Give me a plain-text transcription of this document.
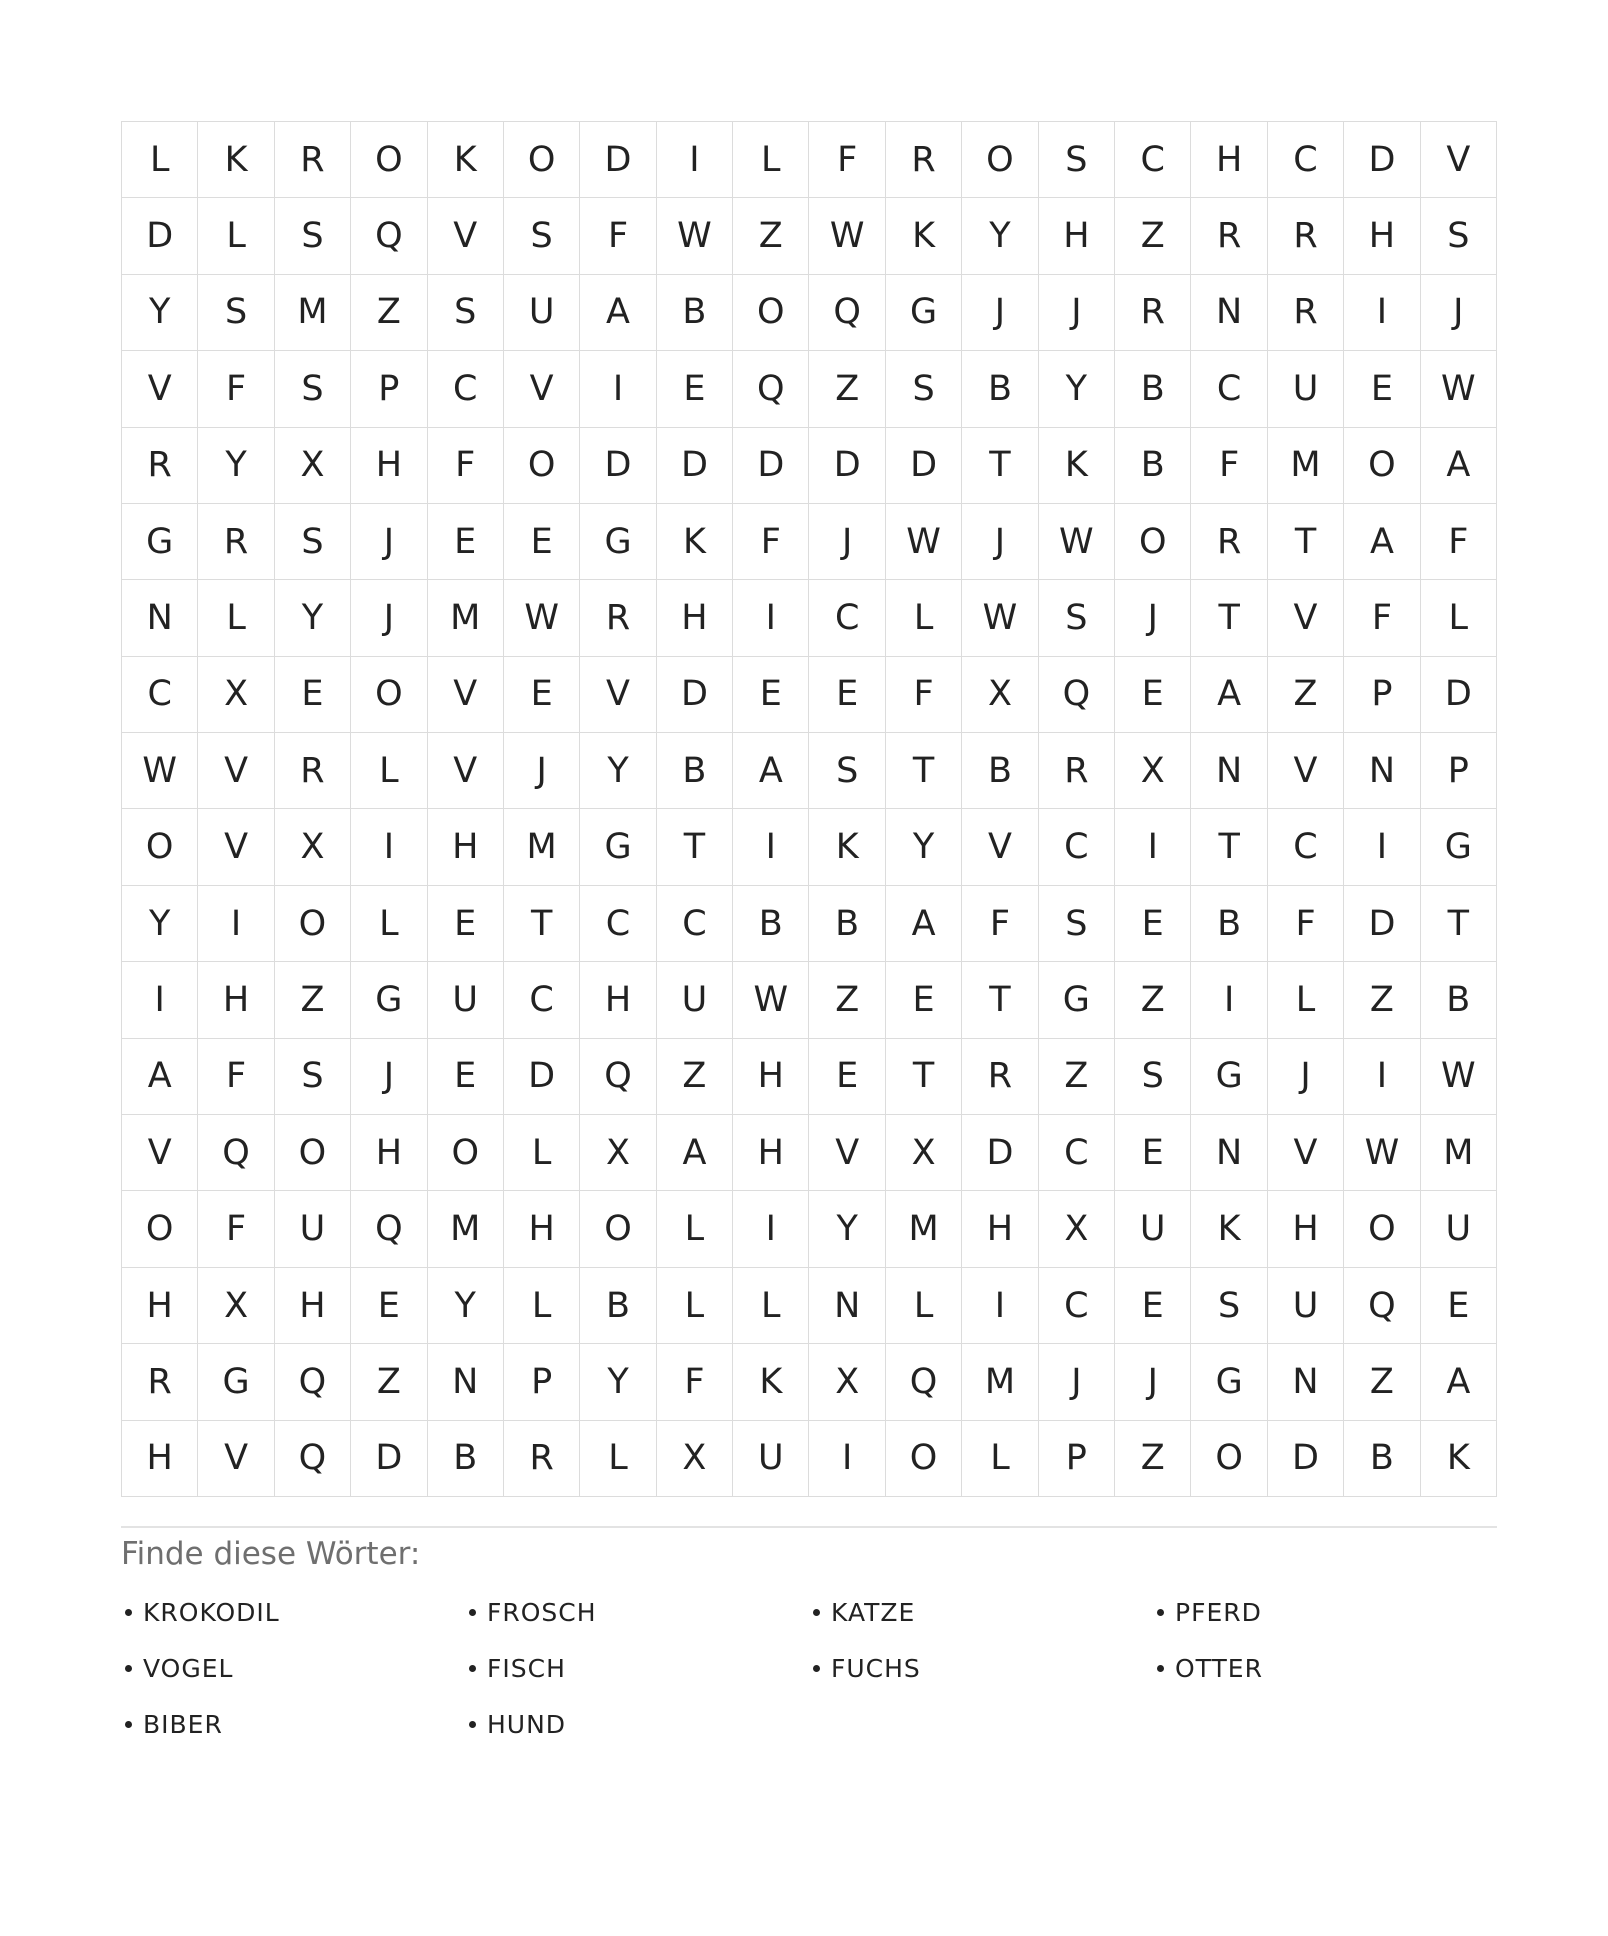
L	K	R	O	K	O	D	I	L	F	R	O	S	C	H	C	D	V
D	L	S	Q	V	S	F	W	Z	W	K	Y	H	Z	R	R	H	S
Y	S	M	Z	S	U	A	B	O	Q	G	J	J	R	N	R	I	J
V	F	S	P	C	V	I	E	Q	Z	S	B	Y	B	C	U	E	W
R	Y	X	H	F	O	D	D	D	D	D	T	K	B	F	M	O	A
G	R	S	J	E	E	G	K	F	J	W	J	W	O	R	T	A	F
N	L	Y	J	M	W	R	H	I	C	L	W	S	J	T	V	F	L
C	X	E	O	V	E	V	D	E	E	F	X	Q	E	A	Z	P	D
W	V	R	L	V	J	Y	B	A	S	T	B	R	X	N	V	N	P
O	V	X	I	H	M	G	T	I	K	Y	V	C	I	T	C	I	G
Y	I	O	L	E	T	C	C	B	B	A	F	S	E	B	F	D	T
I	H	Z	G	U	C	H	U	W	Z	E	T	G	Z	I	L	Z	B
A	F	S	J	E	D	Q	Z	H	E	T	R	Z	S	G	J	I	W
V	Q	O	H	O	L	X	A	H	V	X	D	C	E	N	V	W	M
O	F	U	Q	M	H	O	L	I	Y	M	H	X	U	K	H	O	U
H	X	H	E	Y	L	B	L	L	N	L	I	C	E	S	U	Q	E
R	G	Q	Z	N	P	Y	F	K	X	Q	M	J	J	G	N	Z	A
H	V	Q	D	B	R	L	X	U	I	O	L	P	Z	O	D	B	K
Finde diese Wörter:
KROKODIL	FROSCH	KATZE	PFERD
VOGEL	FISCH	FUCHS	OTTER
BIBER	HUND
